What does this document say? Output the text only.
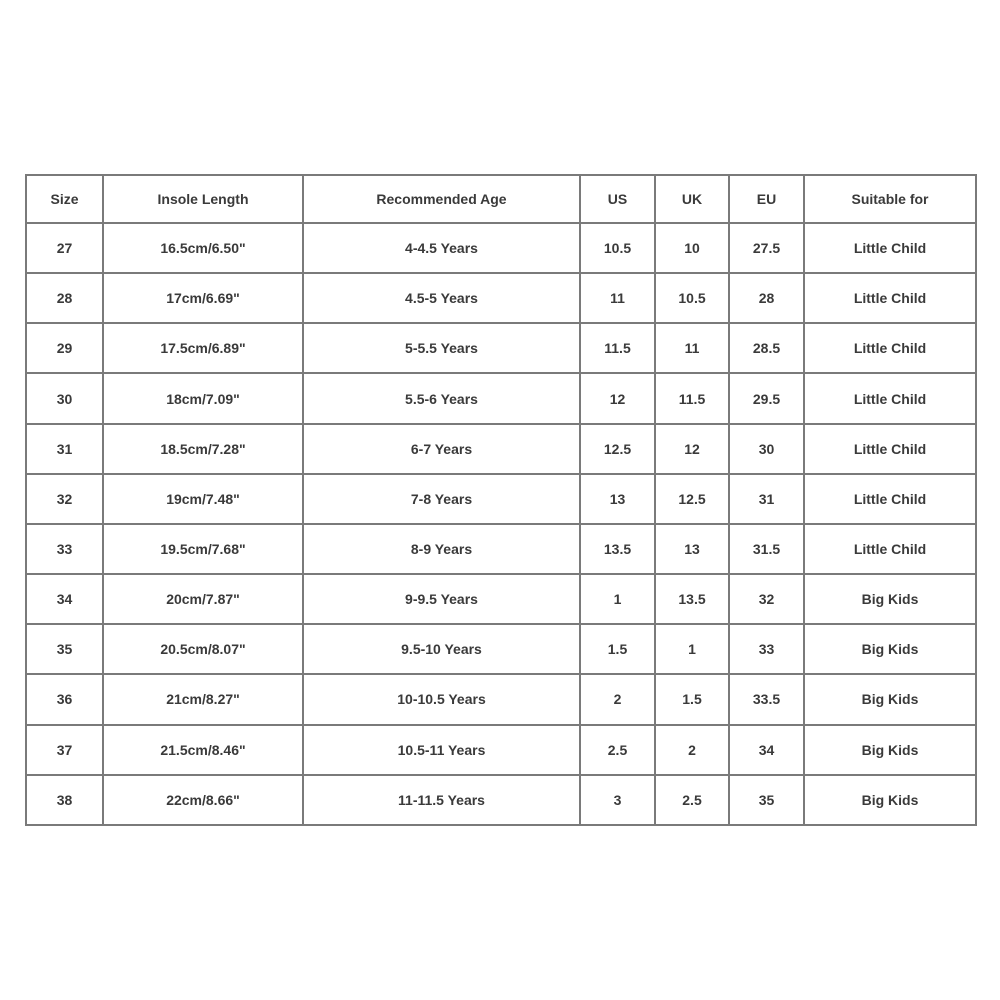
Size	Insole Length	Recommended Age	US	UK	EU	Suitable for
27	16.5cm/6.50"	4-4.5 Years	10.5	10	27.5	Little Child
28	17cm/6.69"	4.5-5 Years	11	10.5	28	Little Child
29	17.5cm/6.89"	5-5.5 Years	11.5	11	28.5	Little Child
30	18cm/7.09"	5.5-6 Years	12	11.5	29.5	Little Child
31	18.5cm/7.28"	6-7 Years	12.5	12	30	Little Child
32	19cm/7.48"	7-8 Years	13	12.5	31	Little Child
33	19.5cm/7.68"	8-9 Years	13.5	13	31.5	Little Child
34	20cm/7.87"	9-9.5 Years	1	13.5	32	Big Kids
35	20.5cm/8.07"	9.5-10 Years	1.5	1	33	Big Kids
36	21cm/8.27"	10-10.5 Years	2	1.5	33.5	Big Kids
37	21.5cm/8.46"	10.5-11 Years	2.5	2	34	Big Kids
38	22cm/8.66"	11-11.5 Years	3	2.5	35	Big Kids
